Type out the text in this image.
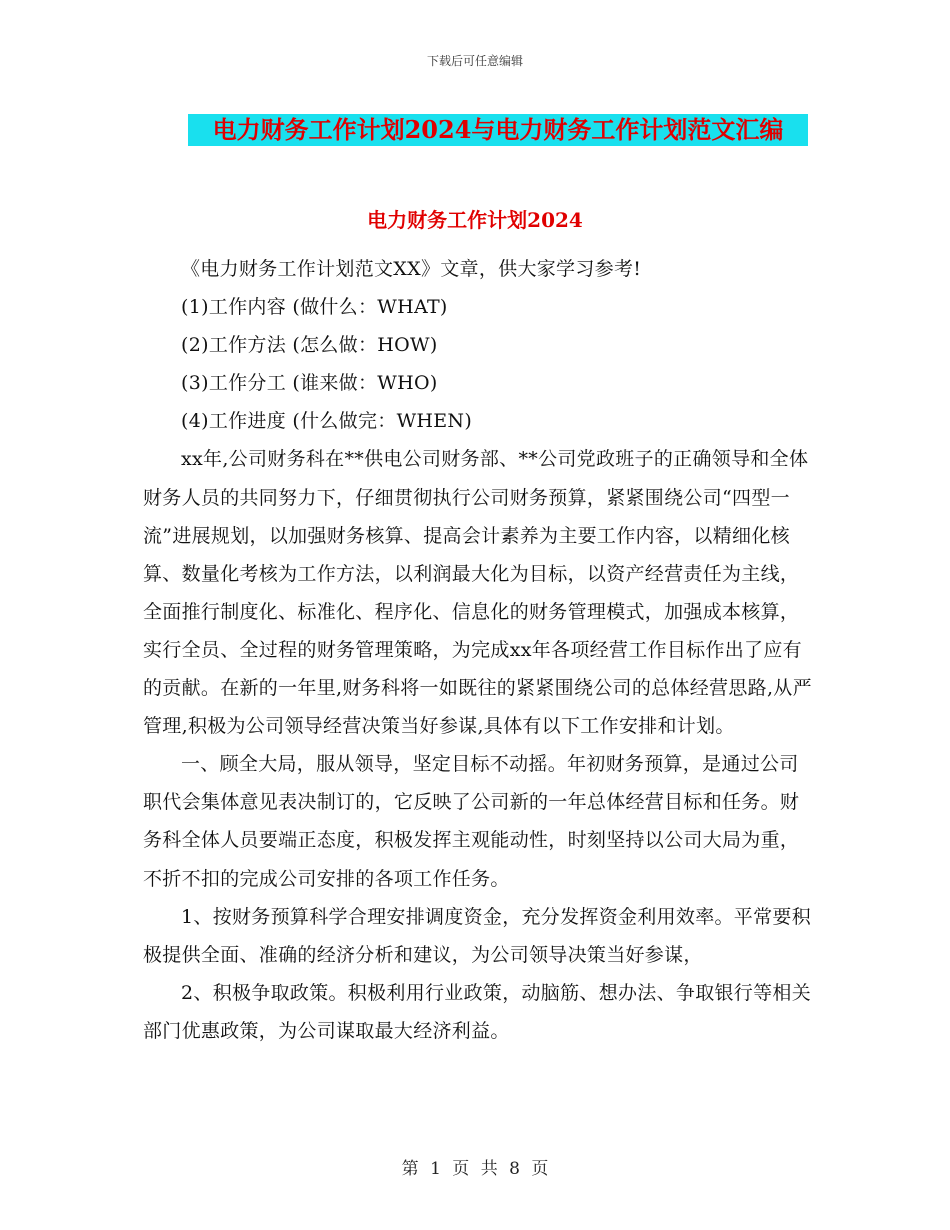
下载后可任意编辑
电力财务工作计划2024与电力财务工作计划范文汇编
电力财务工作计划2024

《电力财务工作计划范文XX》文章，供大家学习参考!

(1)工作内容 (做什么：WHAT)

(2)工作方法 (怎么做：HOW)

(3)工作分工 (谁来做：WHO)

(4)工作进度 (什么做完：WHEN)

xx年,公司财务科在**供电公司财务部、**公司党政班子的正确领导和全体财务人员的共同努力下，仔细贯彻执行公司财务预算，紧紧围绕公司“四型一流”进展规划，以加强财务核算、提高会计素养为主要工作内容，以精细化核算、数量化考核为工作方法，以利润最大化为目标，以资产经营责任为主线，全面推行制度化、标准化、程序化、信息化的财务管理模式，加强成本核算，实行全员、全过程的财务管理策略，为完成xx年各项经营工作目标作出了应有的贡献。在新的一年里,财务科将一如既往的紧紧围绕公司的总体经营思路,从严管理,积极为公司领导经营决策当好参谋,具体有以下工作安排和计划。

一、顾全大局，服从领导，坚定目标不动摇。年初财务预算，是通过公司职代会集体意见表决制订的，它反映了公司新的一年总体经营目标和任务。财务科全体人员要端正态度，积极发挥主观能动性，时刻坚持以公司大局为重，不折不扣的完成公司安排的各项工作任务。

1、按财务预算科学合理安排调度资金，充分发挥资金利用效率。平常要积极提供全面、准确的经济分析和建议，为公司领导决策当好参谋，

2、积极争取政策。积极利用行业政策，动脑筋、想办法、争取银行等相关部门优惠政策，为公司谋取最大经济利益。

第 1 页 共 8 页
